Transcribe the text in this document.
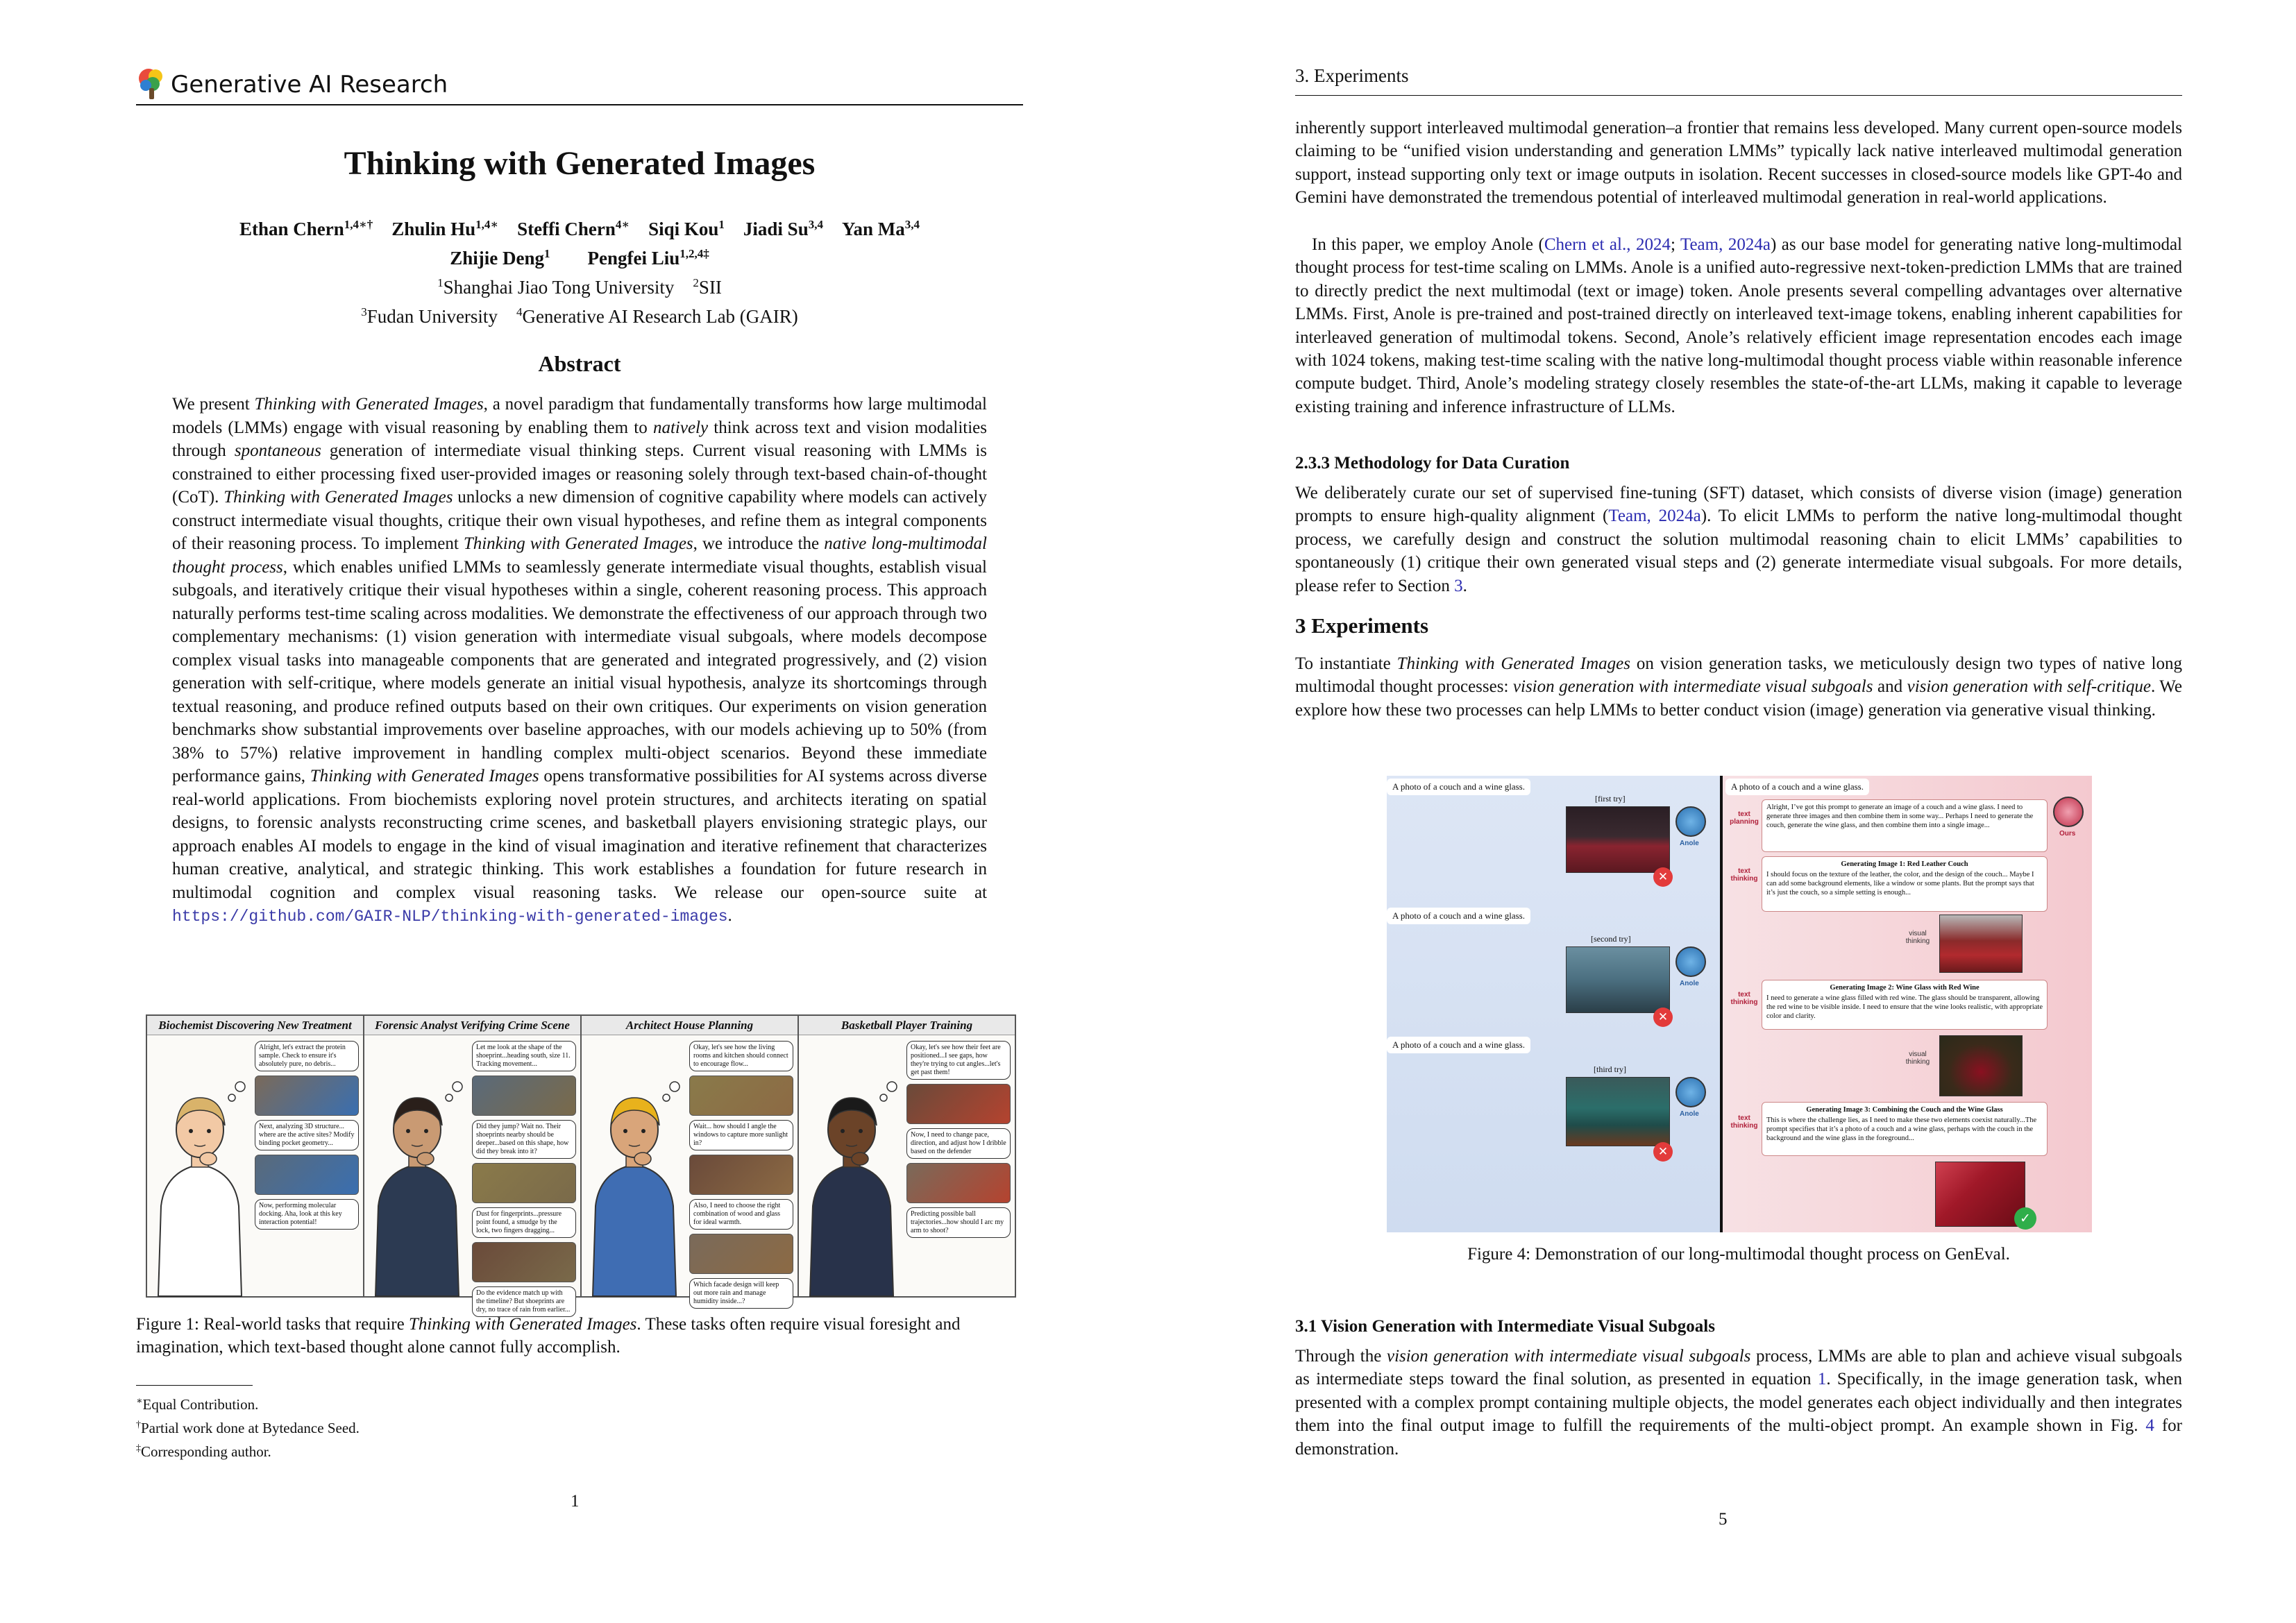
Generative AI Research
Thinking with Generated Images
Ethan Chern$^{1,4∗\dagger}$   Zhulin $Hu^{1,4∗}$   Steffi Chern$^{4∗}$   Siqi Kou$^1$   Jiadi Su$^{3,4}$   Yan Ma$^{3,4}$
Zhijie Deng$^1$   Pengfei Liu$^{1,2,4\ddagger}$
$^1$Shanghai Jiao Tong University   $^2$SII
$^3$Fudan University   $^4$Generative AI Research Lab (GAIR)
Abstract
We present Thinking with Generated Images, a novel paradigm that fundamentally transforms how large multimodal models (LMMs) engage with visual reasoning by enabling them to natively think across text and vision modalities through spontaneous generation of intermediate visual thinking steps. Current visual reasoning with LMMs is constrained to either processing fixed user-provided images or reasoning solely through text-based chain-of-thought (CoT). Thinking with Generated Images unlocks a new dimension of cognitive capability where models can actively construct intermediate visual thoughts, critique their own visual hypotheses, and refine them as integral components of their reasoning process. To implement Thinking with Generated Images, we introduce the native long-multimodal thought process, which enables unified LMMs to seamlessly generate intermediate visual thoughts, establish visual subgoals, and iteratively critique their visual hypotheses within a single, coherent reasoning process. This approach naturally performs test-time scaling across modalities. We demonstrate the effectiveness of our approach through two complementary mechanisms: (1) vision generation with intermediate visual subgoals, where models decompose complex visual tasks into manageable components that are generated and integrated progressively, and (2) vision generation with self-critique, where models generate an initial visual hypothesis, analyze its shortcomings through textual reasoning, and produce refined outputs based on their own critiques. Our experiments on vision generation benchmarks show substantial improvements over baseline approaches, with our models achieving up to 50% (from 38% to 57%) relative improvement in handling complex multi-object scenarios. Beyond these immediate performance gains, Thinking with Generated Images opens transformative possibilities for AI systems across diverse real-world applications. From biochemists exploring novel protein structures, and architects iterating on spatial designs, to forensic analysts reconstructing crime scenes, and basketball players envisioning strategic plays, our approach enables AI models to engage in the kind of visual imagination and iterative refinement that characterizes human creative, analytical, and strategic thinking. This work establishes a foundation for future research in multimodal cognition and complex visual reasoning tasks. We release our open-source suite at https://github.com/GAIR-NLP/thinking-with-generated-images.
Biochemist Discovering New Treatment
Alright, let's extract the protein sample. Check to ensure it's absolutely pure, no debris...
Next, analyzing 3D structure... where are the active sites? Modify binding pocket geometry...
Now, performing molecular docking. Aha, look at this key interaction potential!
Forensic Analyst Verifying Crime Scene
Let me look at the shape of the shoeprint...heading south, size 11. Tracking movement...
Did they jump? Wait no. Their shoeprints nearby should be deeper...based on this shape, how did they break into it?
Dust for fingerprints...pressure point found, a smudge by the lock, two fingers dragging...
Do the evidence match up with the timeline? But shoeprints are dry, no trace of rain from earlier...
Architect House Planning
Okay, let's see how the living rooms and kitchen should connect to encourage flow...
Wait... how should I angle the windows to capture more sunlight in?
Also, I need to choose the right combination of wood and glass for ideal warmth.
Which facade design will keep out more rain and manage humidity inside...?
Basketball Player Training
Okay, let's see how their feet are positioned...I see gaps, how they're trying to cut angles...let's get past them!
Now, I need to change pace, direction, and adjust how I dribble based on the defender
Predicting possible ball trajectories...how should I arc my arm to shoot?
Figure 1: Real-world tasks that require Thinking with Generated Images. These tasks often require visual foresight and imagination, which text-based thought alone cannot fully accomplish.
∗Equal Contribution.
†Partial work done at Bytedance Seed.
‡Corresponding author.
1
3. Experiments
inherently support interleaved multimodal generation–a frontier that remains less developed. Many current open-source models claiming to be “unified vision understanding and generation LMMs” typically lack native interleaved multimodal generation support, instead supporting only text or image outputs in isolation. Recent successes in closed-source models like GPT-4o and Gemini have demonstrated the tremendous potential of interleaved multimodal generation in real-world applications.
In this paper, we employ Anole (Chern et al., 2024; Team, 2024a) as our base model for generating native long-multimodal thought process for test-time scaling on LMMs. Anole is a unified auto-regressive next-token-prediction LMMs that are trained to directly predict the next multimodal (text or image) token. Anole presents several compelling advantages over alternative LMMs. First, Anole is pre-trained and post-trained directly on interleaved text-image tokens, enabling inherent capabilities for interleaved generation of multimodal tokens. Second, Anole’s relatively efficient image representation encodes each image with 1024 tokens, making test-time scaling with the native long-multimodal thought process viable within reasonable inference compute budget. Third, Anole’s modeling strategy closely resembles the state-of-the-art LLMs, making it capable to leverage existing training and inference infrastructure of LLMs.
2.3.3 Methodology for Data Curation
We deliberately curate our set of supervised fine-tuning (SFT) dataset, which consists of diverse vision (image) generation prompts to ensure high-quality alignment (Team, 2024a). To elicit LMMs to perform the native long-multimodal thought process, we carefully design and construct the solution multimodal reasoning chain to elicit LMMs’ capabilities to spontaneously (1) critique their own generated visual steps and (2) generate intermediate visual subgoals. For more details, please refer to Section 3.
3 Experiments
To instantiate Thinking with Generated Images on vision generation tasks, we meticulously design two types of native long multimodal thought processes: vision generation with intermediate visual subgoals and vision generation with self-critique. We explore how these two processes can help LMMs to better conduct vision (image) generation via generative visual thinking.
A photo of a couch and a wine glass.
[first try]
✕
Anole
A photo of a couch and a wine glass.
[second try]
✕
Anole
A photo of a couch and a wine glass.
[third try]
✕
Anole
A photo of a couch and a wine glass.
Ours
text
planning
Alright, I’ve got this prompt to generate an image of a couch and a wine glass. I need to generate three images and then combine them in some way... Perhaps I need to generate the couch, generate the wine glass, and then combine them into a single image...
text
thinking
Generating Image 1: Red Leather Couch
I should focus on the texture of the leather, the color, and the design of the couch... Maybe I can add some background elements, like a window or some plants. But the prompt says that it’s just the couch, so a simple setting is enough...
visual
thinking
text
thinking
Generating Image 2: Wine Glass with Red Wine
I need to generate a wine glass filled with red wine. The glass should be transparent, allowing the red wine to be visible inside. I need to ensure that the wine looks realistic, with appropriate color and clarity.
visual
thinking
text
thinking
Generating Image 3: Combining the Couch and the Wine Glass
This is where the challenge lies, as I need to make these two elements coexist naturally...The prompt specifies that it’s a photo of a couch and a wine glass, perhaps with the couch in the background and the wine glass in the foreground...
✓
Figure 4: Demonstration of our long-multimodal thought process on GenEval.
3.1 Vision Generation with Intermediate Visual Subgoals
Through the vision generation with intermediate visual subgoals process, LMMs are able to plan and achieve visual subgoals as intermediate steps toward the final solution, as presented in equation 1. Specifically, in the image generation task, when presented with a complex prompt containing multiple objects, the model generates each object individually and then integrates them into the final output image to fulfill the requirements of the multi-object prompt. An example shown in Fig. 4 for demonstration.
5
